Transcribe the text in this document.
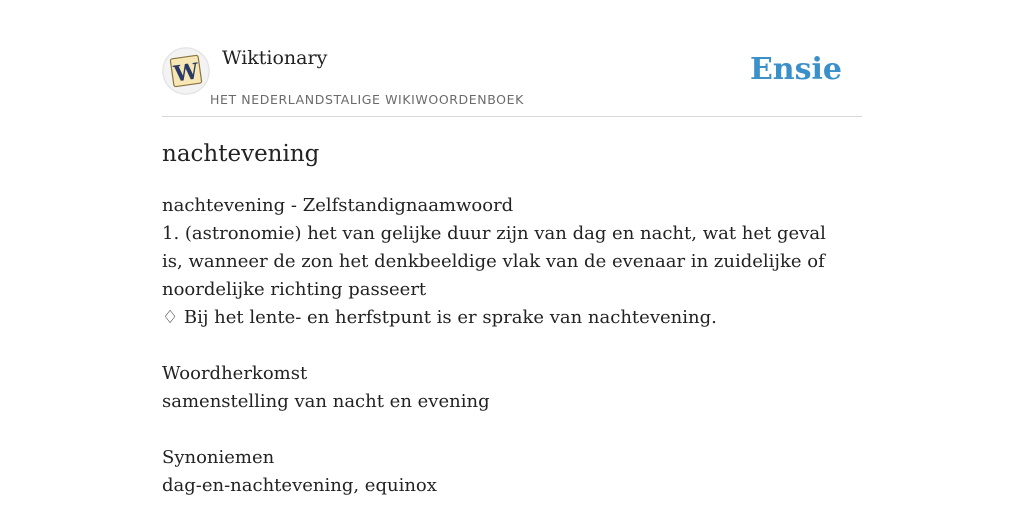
W
Wiktionary
HET NEDERLANDSTALIGE WIKIWOORDENBOEK
Ensie
nachtevening
nachtevening - Zelfstandignaamwoord
1. (astronomie) het van gelijke duur zijn van dag en nacht, wat het geval is, wanneer de zon het denkbeeldige vlak van de evenaar in zuidelijke of noordelijke richting passeert
♢ Bij het lente- en herfstpunt is er sprake van nachtevening.
Woordherkomst
samenstelling van nacht en evening
Synoniemen
dag-en-nachtevening, equinox
